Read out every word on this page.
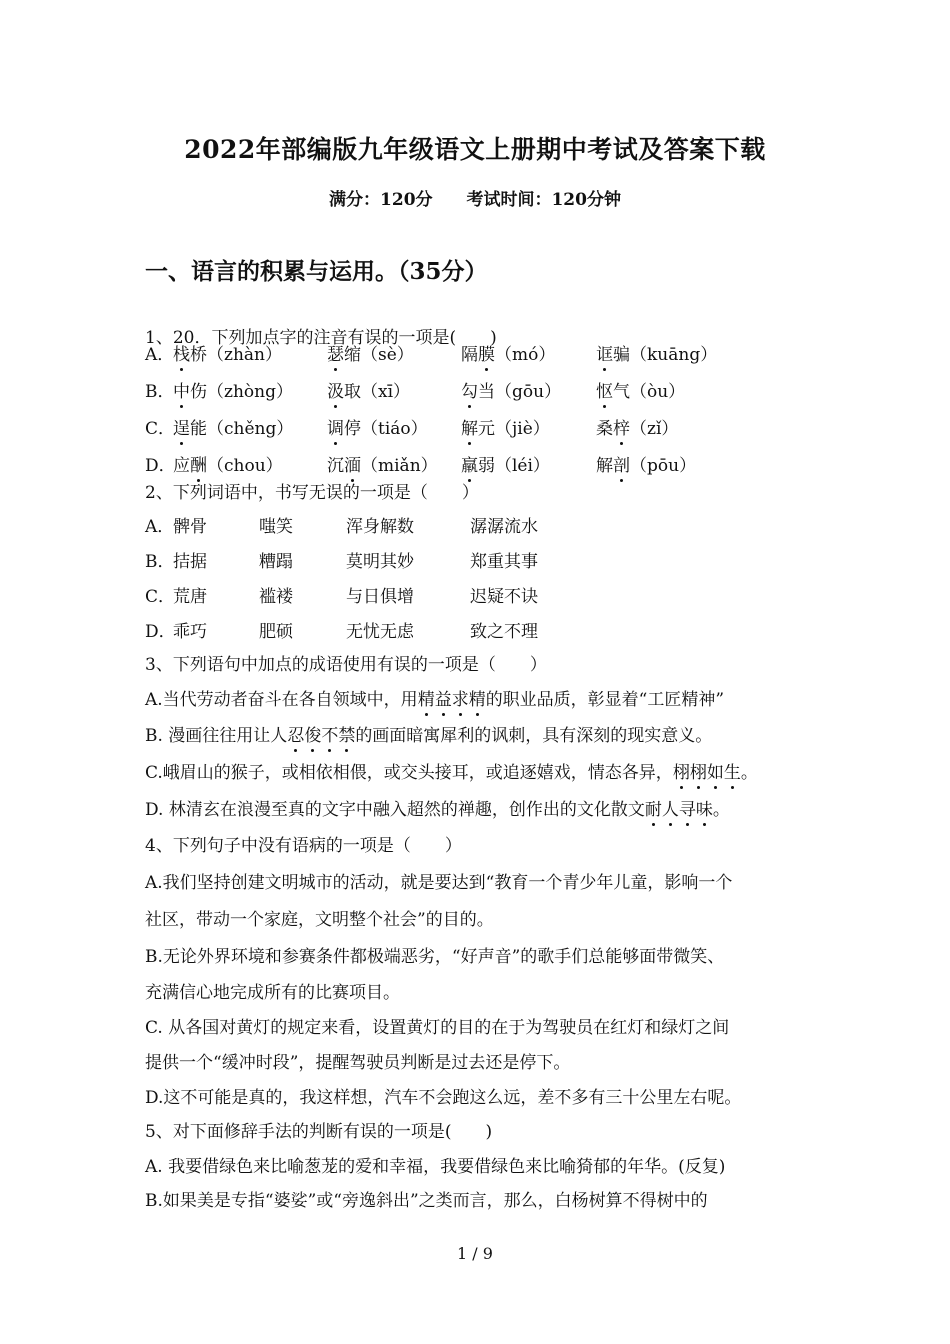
2022年部编版九年级语文上册期中考试及答案下载
满分：120分 考试时间：120分钟
一、语言的积累与运用。（35分）
1、20．下列加点字的注音有误的一项是(　　)
A．
栈桥（zhàn）	瑟缩（sè）	隔膜（mó） 诓骗（kuāng）
B．
中伤（zhòng） 汲取（xī）	勾当（gōu） 怄气（òu）
C．
逞能（chěng） 调停（tiáo） 解元（jiè）	桑梓（zǐ）
D．
应酬（chou）	沉湎（miǎn） 羸弱（léi）	解剖（pōu）
2、下列词语中，书写无误的一项是（　　）
A．
髀骨	嗤笑	浑身解数	潺潺流水
B．
拮据	糟蹋	莫明其妙	郑重其事
C．
荒唐	褴褛	与日俱增	迟疑不诀
D．
乖巧	肥硕	无忧无虑	致之不理
3、下列语句中加点的成语使用有误的一项是（　　）
A.当代劳动者奋斗在各自领域中，用精益求精的职业品质，彰显着“工匠精神”
B. 漫画往往用让人忍俊不禁的画面暗寓犀利的讽刺，具有深刻的现实意义。
C.峨眉山的猴子，或相依相偎，或交头接耳，或追逐嬉戏，情态各异，栩栩如生。
D. 林清玄在浪漫至真的文字中融入超然的禅趣，创作出的文化散文耐人寻味。
4、下列句子中没有语病的一项是（　　）
A.我们坚持创建文明城市的活动，就是要达到“教育一个青少年儿童，影响一个
社区，带动一个家庭，文明整个社会”的目的。
B.无论外界环境和参赛条件都极端恶劣，“好声音”的歌手们总能够面带微笑、
充满信心地完成所有的比赛项目。
C. 从各国对黄灯的规定来看，设置黄灯的目的在于为驾驶员在红灯和绿灯之间
提供一个“缓冲时段”，提醒驾驶员判断是过去还是停下。
D.这不可能是真的，我这样想，汽车不会跑这么远，差不多有三十公里左右呢。
5、对下面修辞手法的判断有误的一项是(　　)
A. 我要借绿色来比喻葱茏的爱和幸福，我要借绿色来比喻猗郁的年华。(反复)
B.如果美是专指“婆娑”或“旁逸斜出”之类而言，那么，白杨树算不得树中的
1 / 9
